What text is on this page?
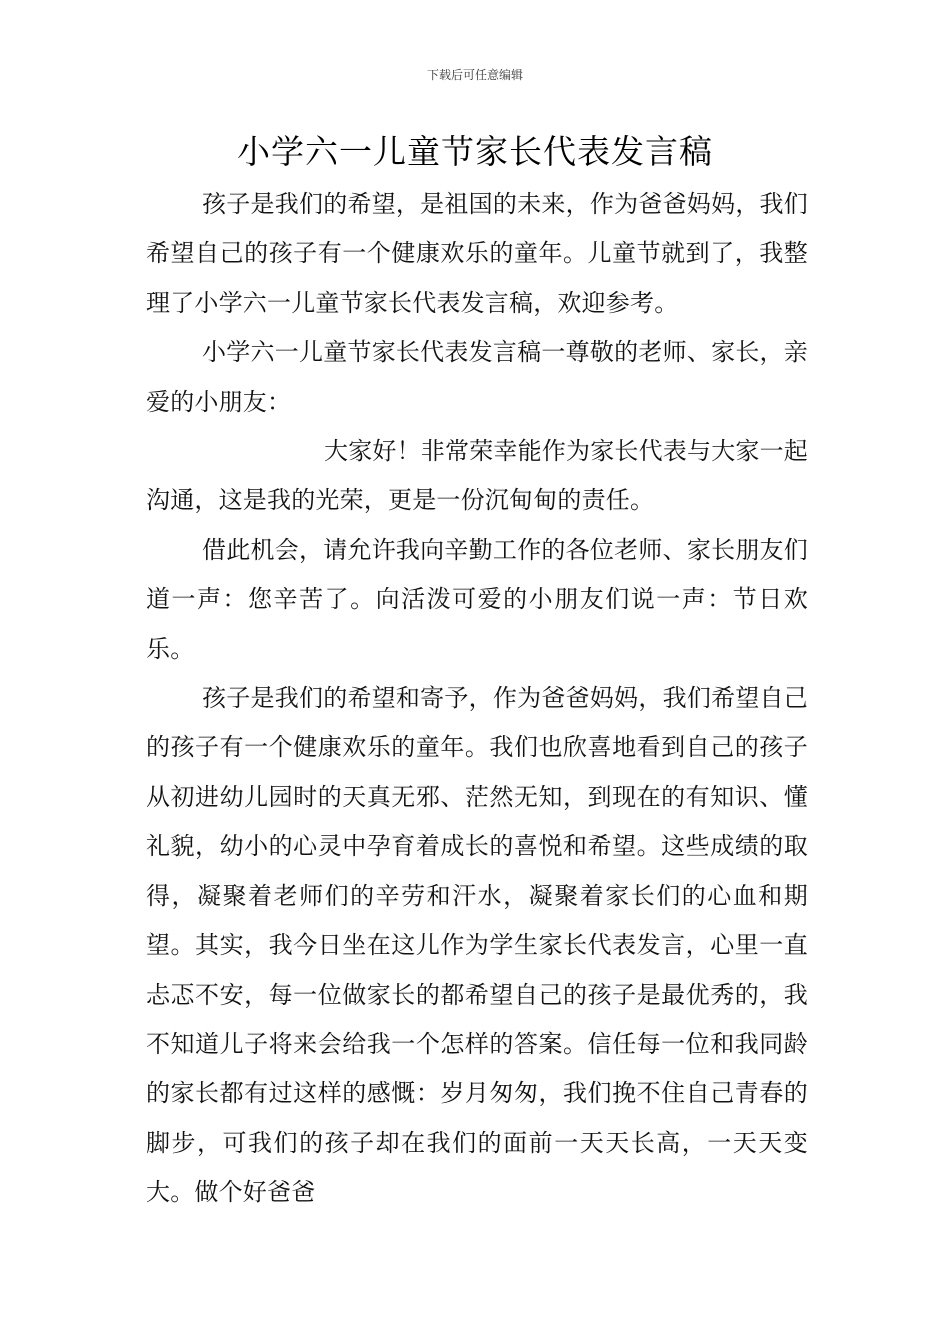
下载后可任意编辑
小学六一儿童节家长代表发言稿

孩子是我们的希望，是祖国的未来，作为爸爸妈妈，我们希望自己的孩子有一个健康欢乐的童年。儿童节就到了，我整理了小学六一儿童节家长代表发言稿，欢迎参考。

小学六一儿童节家长代表发言稿一尊敬的老师、家长，亲爱的小朋友：

大家好！非常荣幸能作为家长代表与大家一起沟通，这是我的光荣，更是一份沉甸甸的责任。

借此机会，请允许我向辛勤工作的各位老师、家长朋友们道一声：您辛苦了。向活泼可爱的小朋友们说一声：节日欢乐。

孩子是我们的希望和寄予，作为爸爸妈妈，我们希望自己的孩子有一个健康欢乐的童年。我们也欣喜地看到自己的孩子从初进幼儿园时的天真无邪、茫然无知，到现在的有知识、懂礼貌，幼小的心灵中孕育着成长的喜悦和希望。这些成绩的取得，凝聚着老师们的辛劳和汗水，凝聚着家长们的心血和期望。其实，我今日坐在这儿作为学生家长代表发言，心里一直忐忑不安，每一位做家长的都希望自己的孩子是最优秀的，我不知道儿子将来会给我一个怎样的答案。信任每一位和我同龄的家长都有过这样的感慨：岁月匆匆，我们挽不住自己青春的脚步，可我们的孩子却在我们的面前一天天长高，一天天变大。做个好爸爸
